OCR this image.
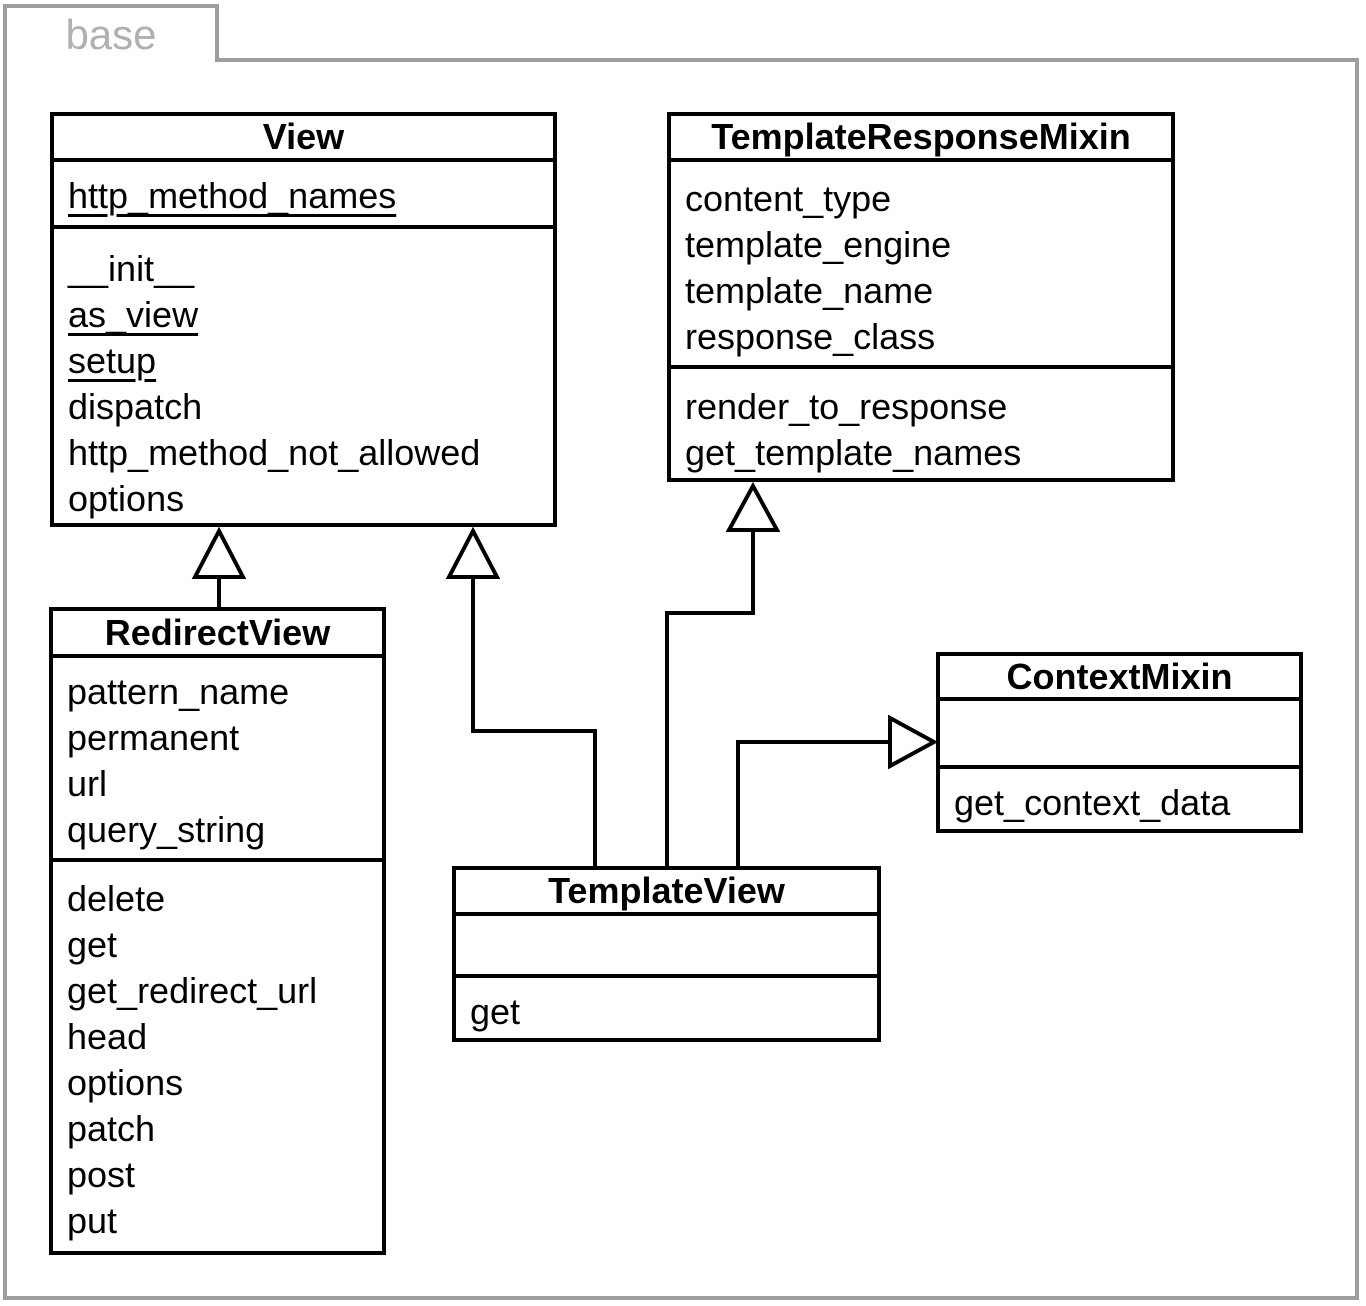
base
View
http_method_names
__init__
as_view
setup
dispatch
http_method_not_allowed
options
TemplateResponseMixin
content_type
template_engine
template_name
response_class
render_to_response
get_template_names
RedirectView
pattern_name
permanent
url
query_string
delete
get
get_redirect_url
head
options
patch
post
put
ContextMixin
get_context_data
TemplateView
get
